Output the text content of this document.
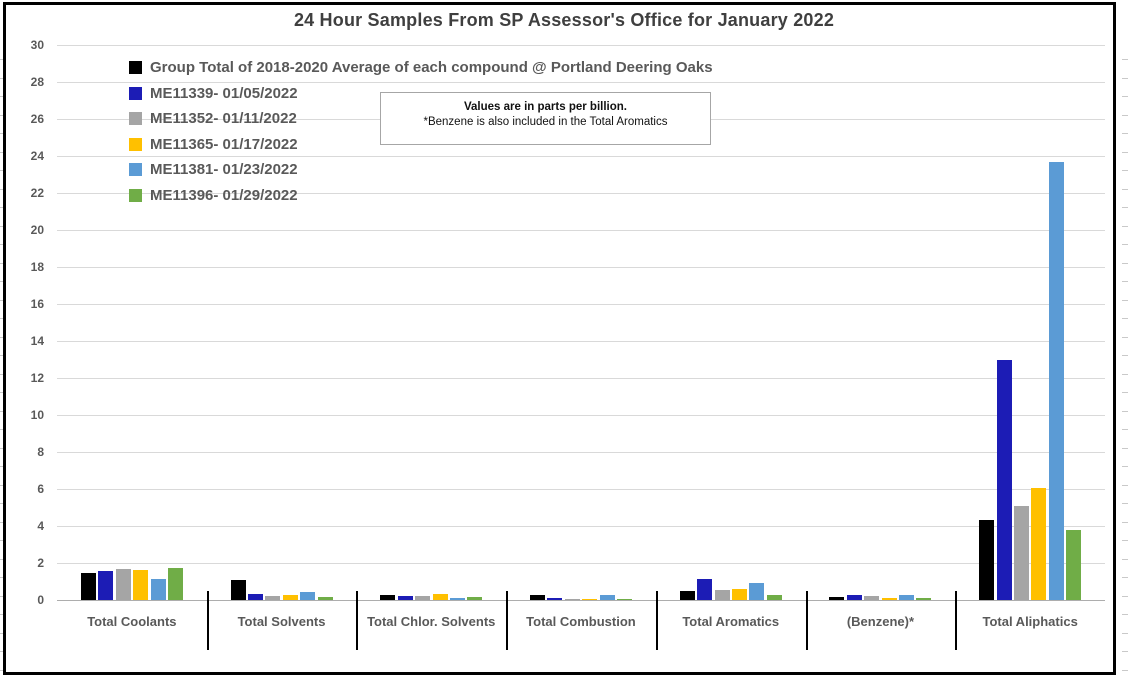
24 Hour Samples From SP Assessor's Office for January 2022
0
2
4
6
8
10
12
14
16
18
20
22
24
26
28
30
Total Coolants	Total Solvents	Total Chlor. Solvents	Total Combustion	Total Aromatics	(Benzene)*	Total Aliphatics
Group Total of 2018-2020 Average of each compound @ Portland Deering Oaks
ME11339- 01/05/2022
ME11352- 01/11/2022
ME11365- 01/17/2022
ME11381- 01/23/2022
ME11396- 01/29/2022
Values are in parts per billion.
*Benzene is also included in the Total Aromatics
